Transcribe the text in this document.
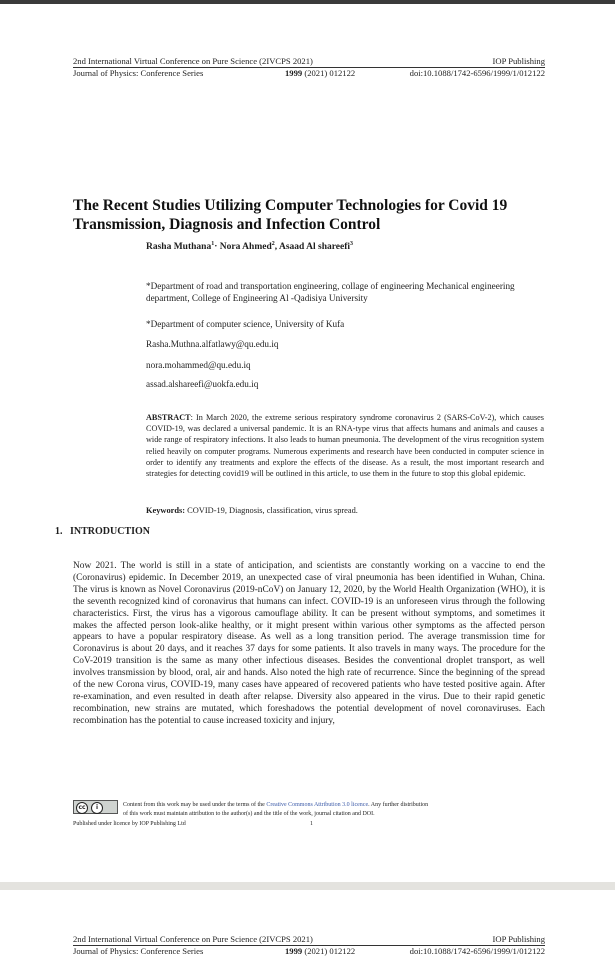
2nd International Virtual Conference on Pure Science (2IVCPS 2021)	IOP Publishing
Journal of Physics: Conference Series	1999 (2021) 012122	doi:10.1088/1742-6596/1999/1/012122
The Recent Studies Utilizing Computer Technologies for Covid 19 Transmission, Diagnosis and Infection Control
Rasha Muthana$^1$· Nora Ahmed$^2$, Asaad Al shareefi$^3$
*Department of road and transportation engineering, collage of engineering Mechanical engineering department, College of Engineering Al -Qadisiya University
*Department of computer science, University of Kufa
Rasha.Muthna.alfatlawy@qu.edu.iq
nora.mohammed@qu.edu.iq
assad.alshareefi@uokfa.edu.iq
ABSTRACT: In March 2020, the extreme serious respiratory syndrome coronavirus 2 (SARS-CoV-2), which causes COVID-19, was declared a universal pandemic. It is an RNA-type virus that affects humans and animals and causes a wide range of respiratory infections. It also leads to human pneumonia. The development of the virus recognition system relied heavily on computer programs. Numerous experiments and research have been conducted in computer science in order to identify any treatments and explore the effects of the disease. As a result, the most important research and strategies for detecting covid19 will be outlined in this article, to use them in the future to stop this global epidemic.
Keywords: COVID-19, Diagnosis, classification, virus spread.
1. INTRODUCTION
Now 2021. The world is still in a state of anticipation, and scientists are constantly working on a vaccine to end the (Coronavirus) epidemic. In December 2019, an unexpected case of viral pneumonia has been identified in Wuhan, China. The virus is known as Novel Coronavirus (2019-nCoV) on January 12, 2020, by the World Health Organization (WHO), it is the seventh recognized kind of coronavirus that humans can infect. COVID-19 is an unforeseen virus through the following characteristics. First, the virus has a vigorous camouflage ability. It can be present without symptoms, and sometimes it makes the affected person look-alike healthy, or it might present within various other symptoms as the affected person appears to have a popular respiratory disease. As well as a long transition period. The average transmission time for Coronavirus is about 20 days, and it reaches 37 days for some patients. It also travels in many ways. The procedure for the CoV-2019 transition is the same as many other infectious diseases. Besides the conventional droplet transport, as well involves transmission by blood, oral, air and hands. Also noted the high rate of recurrence. Since the beginning of the spread of the new Corona virus, COVID-19, many cases have appeared of recovered patients who have tested positive again. After re-examination, and even resulted in death after relapse. Diversity also appeared in the virus. Due to their rapid genetic recombination, new strains are mutated, which foreshadows the potential development of novel coronaviruses. Each recombination has the potential to cause increased toxicity and injury,
cc	i	Content from this work may be used under the terms of the Creative Commons Attribution 3.0 licence. Any further distribution
of this work must maintain attribution to the author(s) and the title of the work, journal citation and DOI.
Published under licence by IOP Publishing Ltd	1
2nd International Virtual Conference on Pure Science (2IVCPS 2021)	IOP Publishing
Journal of Physics: Conference Series	1999 (2021) 012122	doi:10.1088/1742-6596/1999/1/012122
